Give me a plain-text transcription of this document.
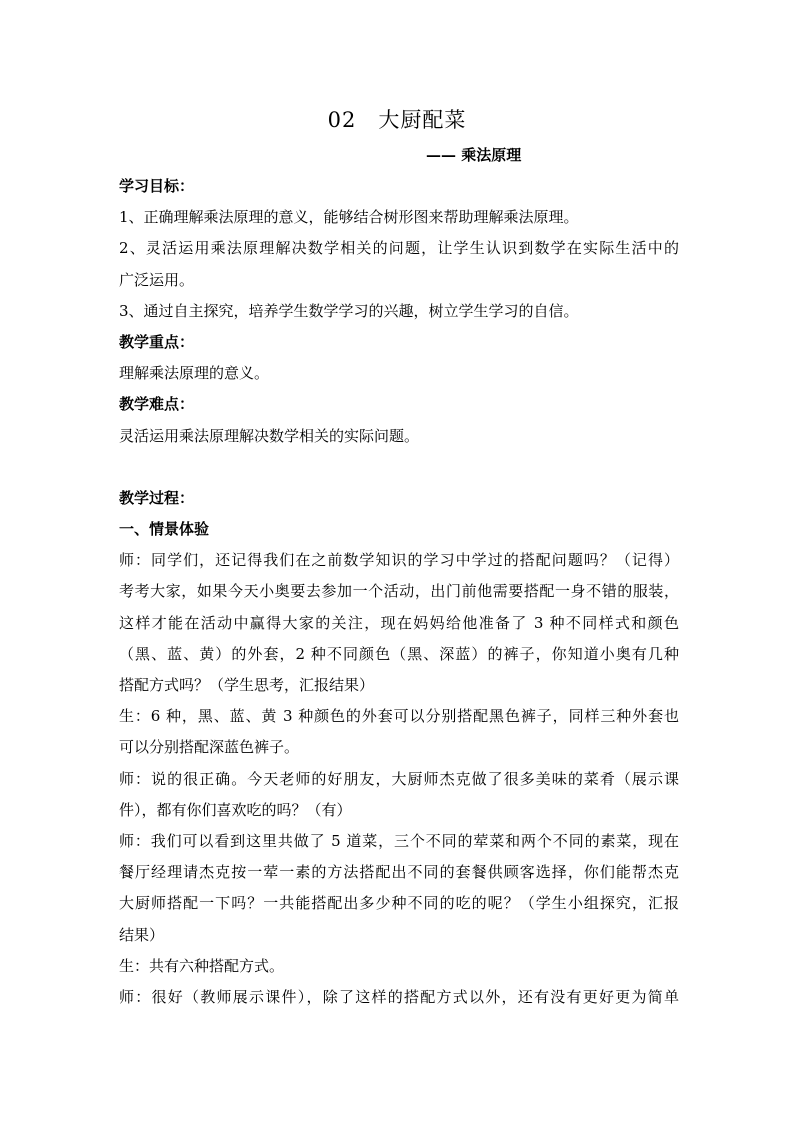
02 大厨配菜
—— 乘法原理
学习目标：
1、正确理解乘法原理的意义，能够结合树形图来帮助理解乘法原理。
2、灵活运用乘法原理解决数学相关的问题，让学生认识到数学在实际生活中的
广泛运用。
3、通过自主探究，培养学生数学学习的兴趣，树立学生学习的自信。
教学重点：
理解乘法原理的意义。
教学难点：
灵活运用乘法原理解决数学相关的实际问题。
教学过程：
一、情景体验
师：同学们，还记得我们在之前数学知识的学习中学过的搭配问题吗？（记得）
考考大家，如果今天小奥要去参加一个活动，出门前他需要搭配一身不错的服装，
这样才能在活动中赢得大家的关注，现在妈妈给他准备了 3 种不同样式和颜色
（黑、蓝、黄）的外套，2 种不同颜色（黑、深蓝）的裤子，你知道小奥有几种
搭配方式吗？（学生思考，汇报结果）
生：6 种，黑、蓝、黄 3 种颜色的外套可以分别搭配黑色裤子，同样三种外套也
可以分别搭配深蓝色裤子。
师：说的很正确。今天老师的好朋友，大厨师杰克做了很多美味的菜肴（展示课
件），都有你们喜欢吃的吗？（有）
师：我们可以看到这里共做了 5 道菜，三个不同的荤菜和两个不同的素菜，现在
餐厅经理请杰克按一荤一素的方法搭配出不同的套餐供顾客选择，你们能帮杰克
大厨师搭配一下吗？一共能搭配出多少种不同的吃的呢？（学生小组探究，汇报
结果）
生：共有六种搭配方式。
师：很好（教师展示课件），除了这样的搭配方式以外，还有没有更好更为简单
